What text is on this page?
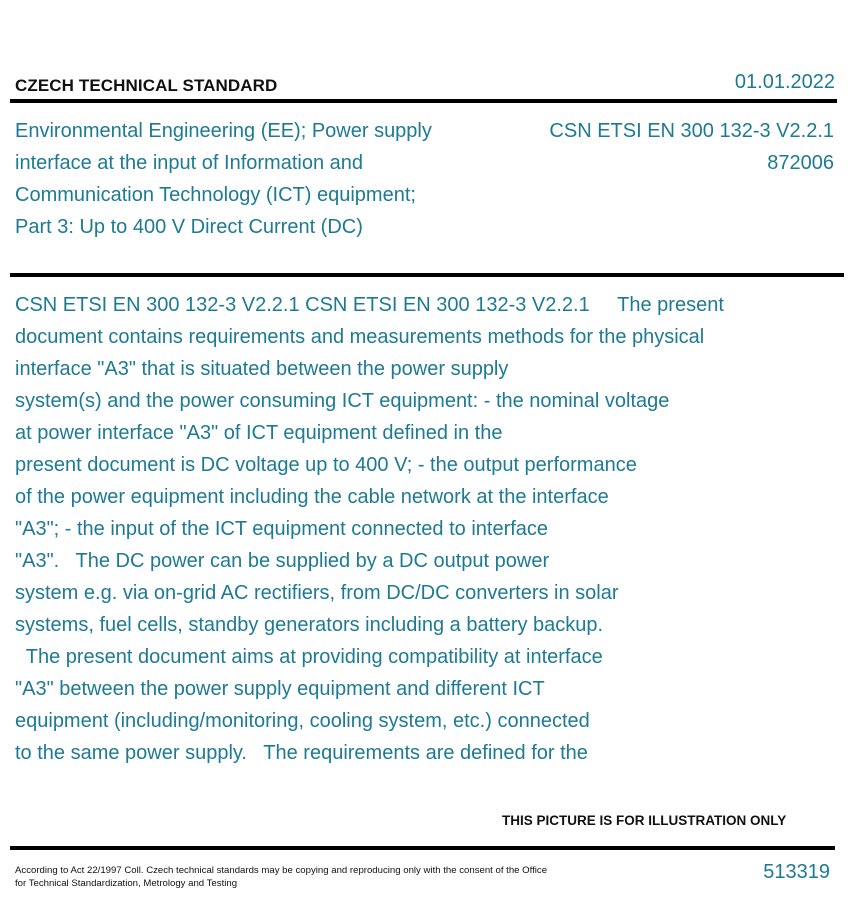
CZECH TECHNICAL STANDARD	01.01.2022
Environmental Engineering (EE); Power supply
interface at the input of Information and
Communication Technology (ICT) equipment;
Part 3: Up to 400 V Direct Current (DC)
CSN ETSI EN 300 132-3 V2.2.1
872006
CSN ETSI EN 300 132-3 V2.2.1 CSN ETSI EN 300 132-3 V2.2.1     The present
document contains requirements and measurements methods for the physical
interface "A3" that is situated between the power supply
system(s) and the power consuming ICT equipment: - the nominal voltage
at power interface "A3" of ICT equipment defined in the
present document is DC voltage up to 400 V; - the output performance
of the power equipment including the cable network at the interface
"A3"; - the input of the ICT equipment connected to interface
"A3".   The DC power can be supplied by a DC output power
system e.g. via on-grid AC rectifiers, from DC/DC converters in solar
systems, fuel cells, standby generators including a battery backup.
The present document aims at providing compatibility at interface
"A3" between the power supply equipment and different ICT
equipment (including/monitoring, cooling system, etc.) connected
to the same power supply.   The requirements are defined for the
THIS PICTURE IS FOR ILLUSTRATION ONLY
According to Act 22/1997 Coll. Czech technical standards may be copying and reproducing only with the consent of the Office
for Technical Standardization, Metrology and Testing
513319
